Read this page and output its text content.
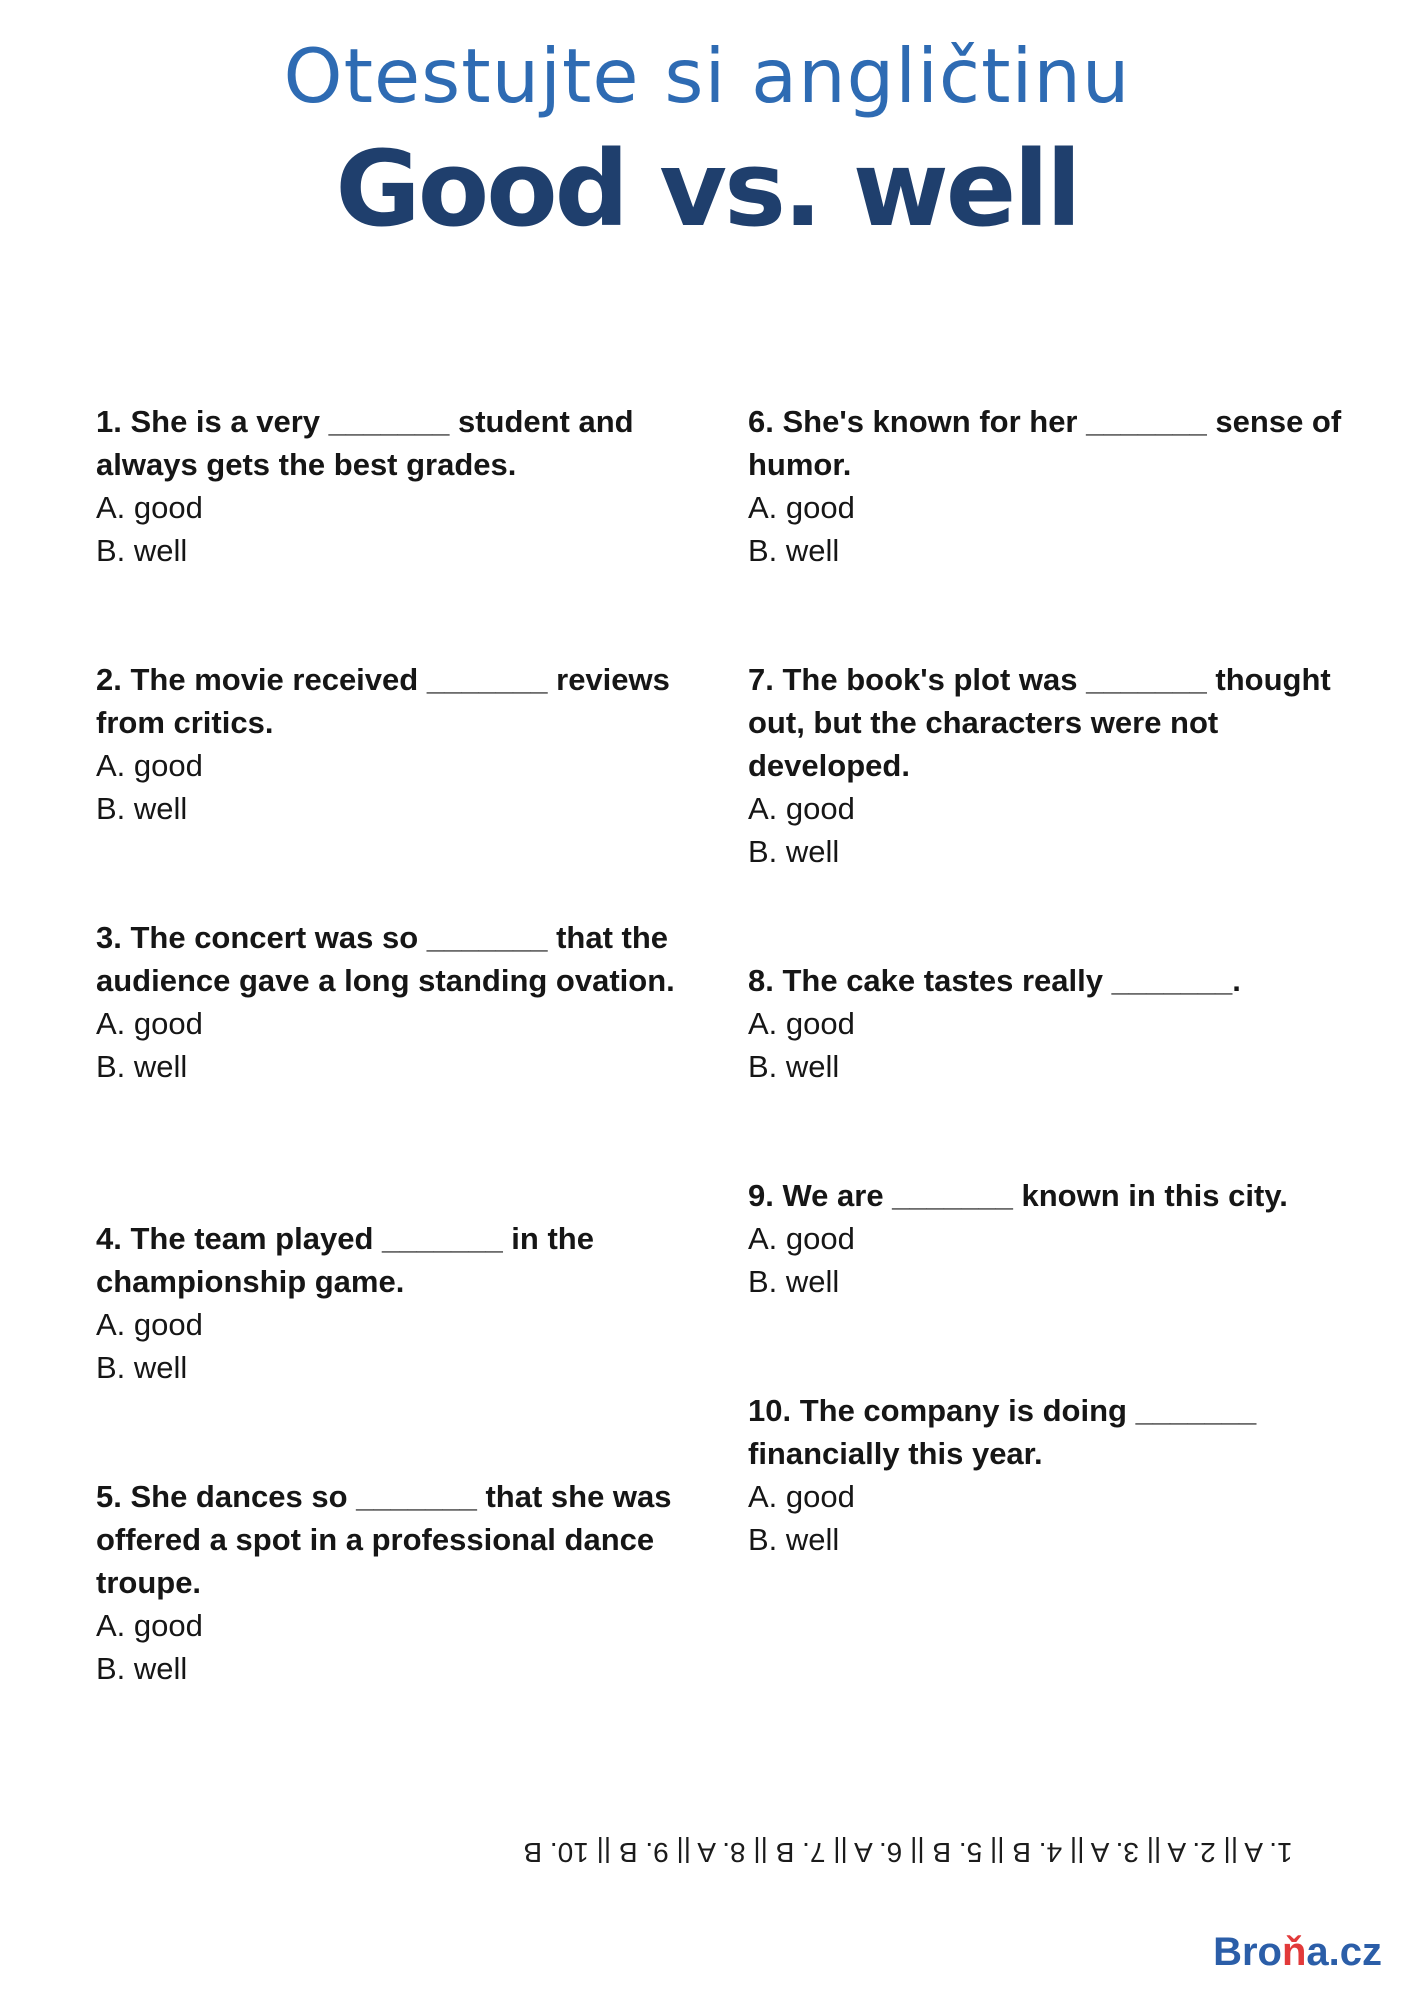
Otestujte si angličtinu
Good vs. well
1. She is a very _______ student and always gets the best grades.
A. good
B. well
2. The movie received _______ reviews from critics.
A. good
B. well
3. The concert was so _______ that the audience gave a long standing ovation.
A. good
B. well
4. The team played _______ in the championship game.
A. good
B. well
5. She dances so _______ that she was offered a spot in a professional dance troupe.
A. good
B. well
6. She's known for her _______ sense of humor.
A. good
B. well
7. The book's plot was _______ thought out, but the characters were not developed.
A. good
B. well
8. The cake tastes really _______.
A. good
B. well
9. We are _______ known in this city.
A. good
B. well
10. The company is doing _______ financially this year.
A. good
B. well
1. A || 2. A || 3. A || 4. B || 5. B || 6. A || 7. B || 8. A || 9. B || 10. B
Broňa.cz
